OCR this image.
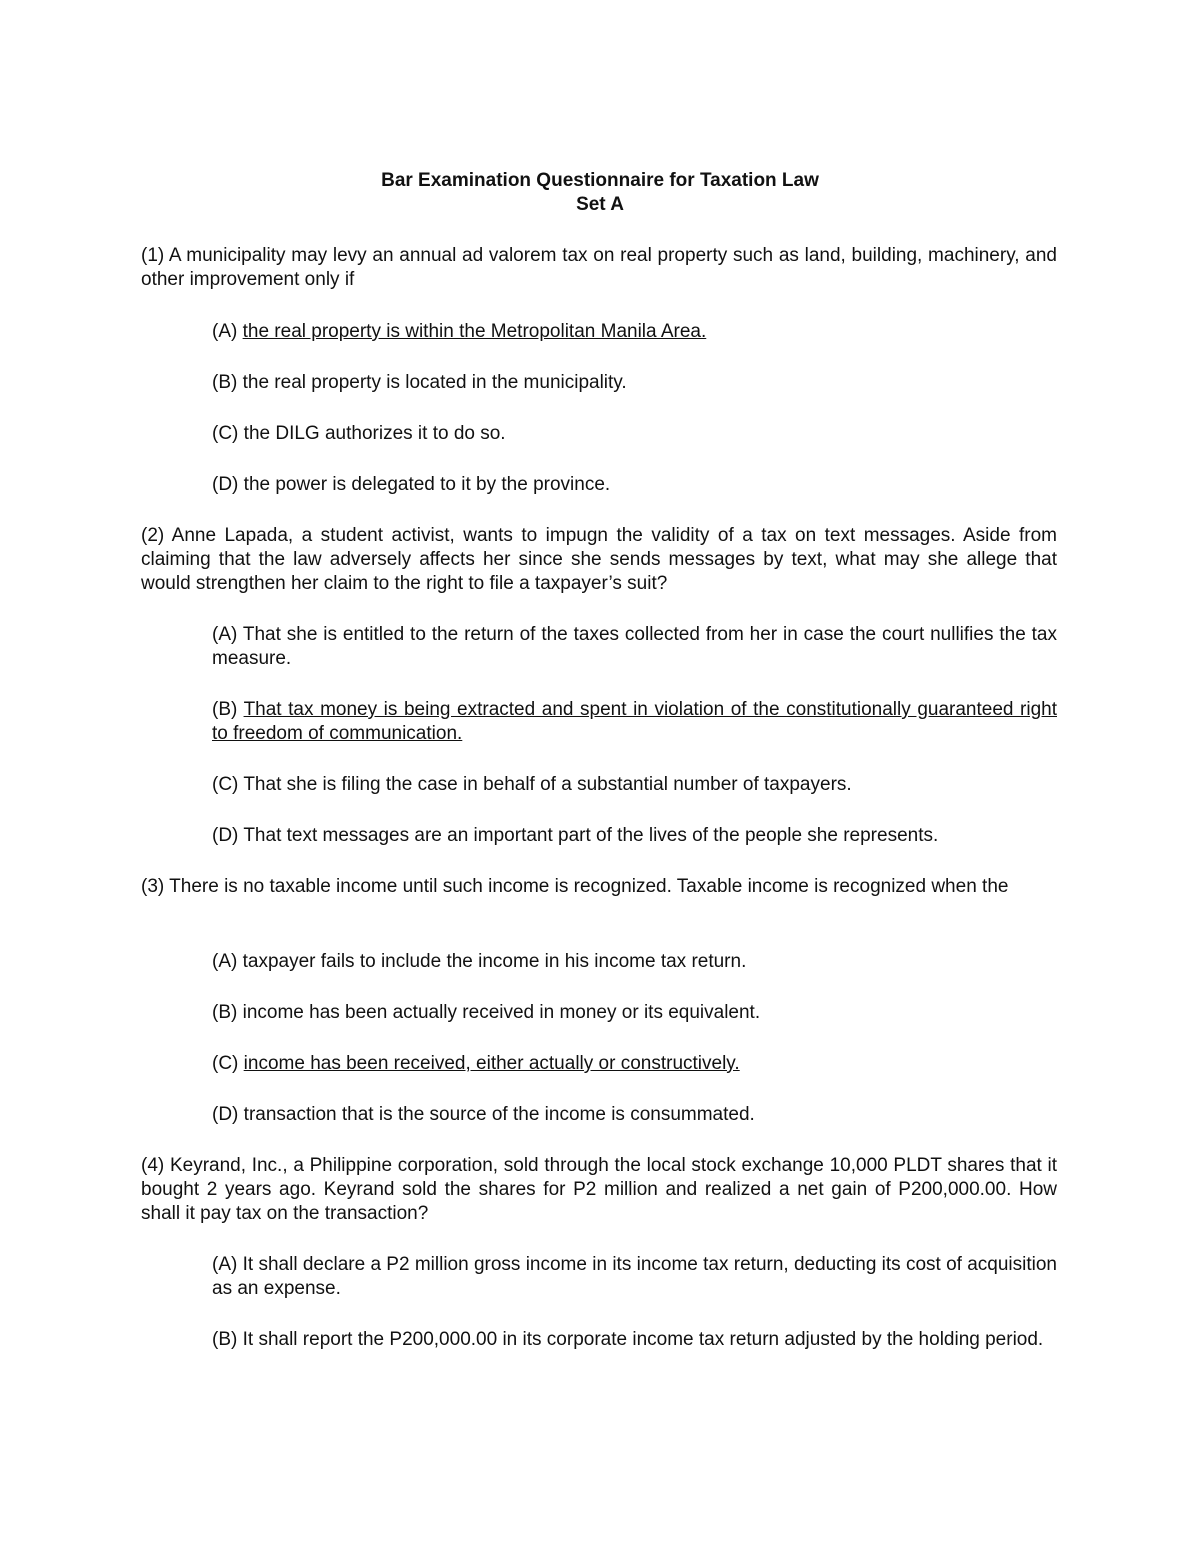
Bar Examination Questionnaire for Taxation Law

Set A

(1) A municipality may levy an annual ad valorem tax on real property such as land, building, machinery, and other improvement only if

(A) the real property is within the Metropolitan Manila Area.

(B) the real property is located in the municipality.

(C) the DILG authorizes it to do so.

(D) the power is delegated to it by the province.

(2) Anne Lapada, a student activist, wants to impugn the validity of a tax on text messages. Aside from claiming that the law adversely affects her since she sends messages by text, what may she allege that would strengthen her claim to the right to file a taxpayer’s suit?

(A) That she is entitled to the return of the taxes collected from her in case the court nullifies the tax measure.

(B) That tax money is being extracted and spent in violation of the constitutionally guaranteed right to freedom of communication.

(C) That she is filing the case in behalf of a substantial number of taxpayers.

(D) That text messages are an important part of the lives of the people she represents.

(3) There is no taxable income until such income is recognized. Taxable income is recognized when the

(A) taxpayer fails to include the income in his income tax return.

(B) income has been actually received in money or its equivalent.

(C) income has been received, either actually or constructively.

(D) transaction that is the source of the income is consummated.

(4) Keyrand, Inc., a Philippine corporation, sold through the local stock exchange 10,000 PLDT shares that it bought 2 years ago. Keyrand sold the shares for P2 million and realized a net gain of P200,000.00. How shall it pay tax on the transaction?

(A) It shall declare a P2 million gross income in its income tax return, deducting its cost of acquisition as an expense.

(B) It shall report the P200,000.00 in its corporate income tax return adjusted by the holding period.
